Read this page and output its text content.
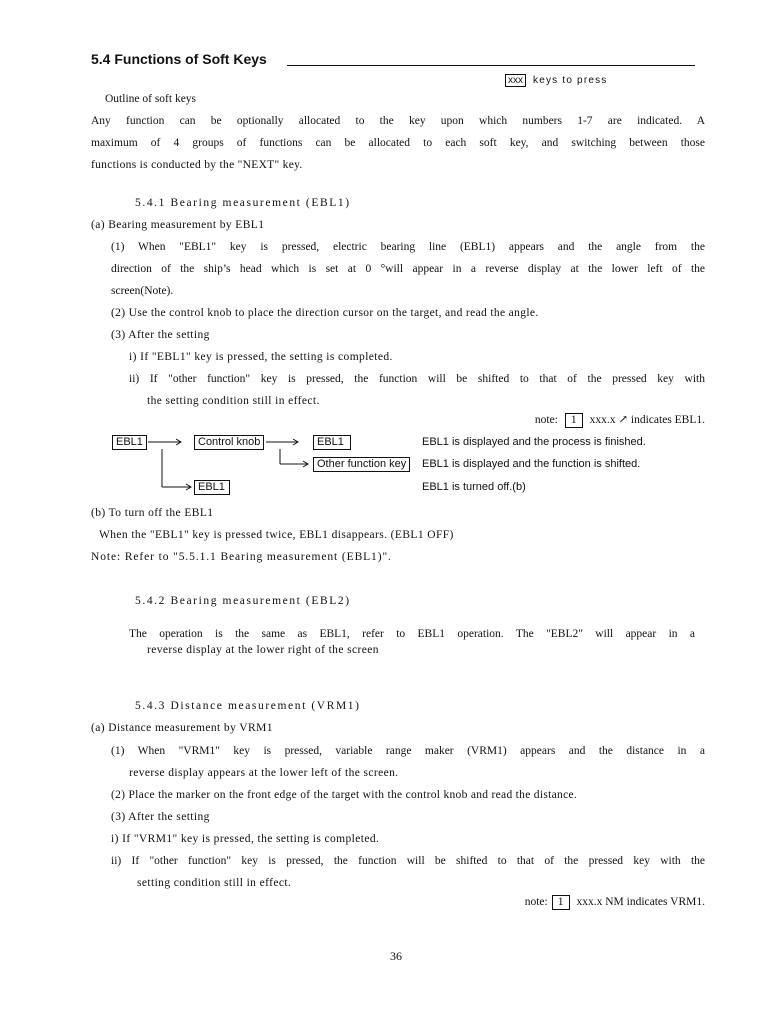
5.4 Functions of Soft Keys
xxx keys to press
Outline of soft keys
Any function can be optionally allocated to the key upon which numbers 1-7 are indicated. A
maximum of 4 groups of functions can be allocated to each soft key, and switching between those
functions is conducted by the "NEXT" key.
5.4.1 Bearing measurement (EBL1)
(a) Bearing measurement by EBL1
(1) When "EBL1" key is pressed, electric bearing line (EBL1) appears and the angle from the
direction of the ship’s head which is set at 0 °will appear in a reverse display at the lower left of the
screen(Note).
(2) Use the control knob to place the direction cursor on the target, and read the angle.
(3) After the setting
i) If "EBL1" key is pressed, the setting is completed.
ii) If "other function" key is pressed, the function will be shifted to that of the pressed key with
the setting condition still in effect.
note: 1 xxx.x ↗ indicates EBL1.
EBL1	Control knob	EBL1
Other function key
EBL1
EBL1 is displayed and the process is finished.
EBL1 is displayed and the function is shifted.
EBL1 is turned off.(b)
(b) To turn off the EBL1
When the "EBL1" key is pressed twice, EBL1 disappears. (EBL1 OFF)
Note: Refer to "5.5.1.1 Bearing measurement (EBL1)".
5.4.2 Bearing measurement (EBL2)
The operation is the same as EBL1, refer to EBL1 operation. The "EBL2" will appear in a
reverse display at the lower right of the screen
5.4.3 Distance measurement (VRM1)
(a) Distance measurement by VRM1
(1) When "VRM1" key is pressed, variable range maker (VRM1) appears and the distance in a
reverse display appears at the lower left of the screen.
(2) Place the marker on the front edge of the target with the control knob and read the distance.
(3) After the setting
i) If "VRM1" key is pressed, the setting is completed.
ii) If "other function" key is pressed, the function will be shifted to that of the pressed key with the
setting condition still in effect.
note: 1 xxx.x NM indicates VRM1.
36
